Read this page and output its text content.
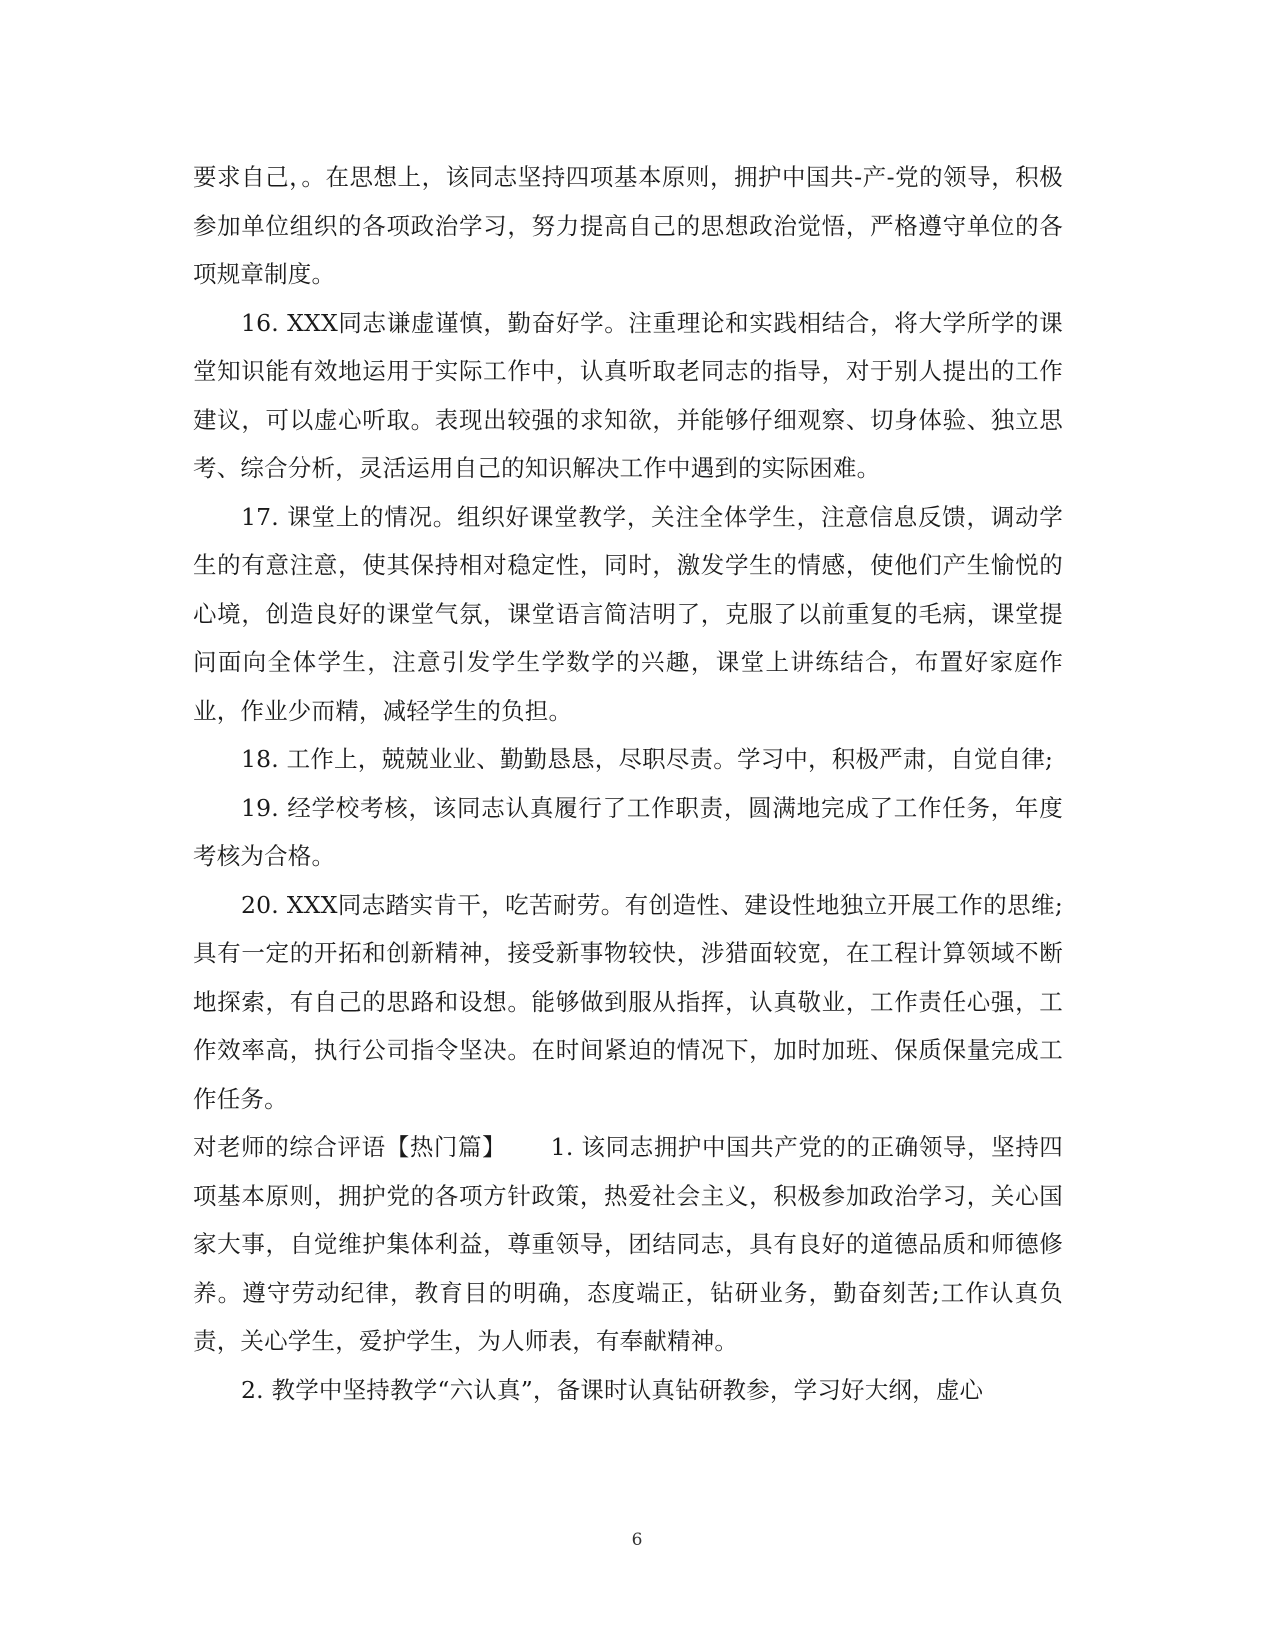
要求自己，。在思想上，该同志坚持四项基本原则，拥护中国共-产-党的领导，积极参加单位组织的各项政治学习，努力提高自己的思想政治觉悟，严格遵守单位的各项规章制度。

16. XXX同志谦虚谨慎，勤奋好学。注重理论和实践相结合，将大学所学的课堂知识能有效地运用于实际工作中，认真听取老同志的指导，对于别人提出的工作建议，可以虚心听取。表现出较强的求知欲，并能够仔细观察、切身体验、独立思考、综合分析，灵活运用自己的知识解决工作中遇到的实际困难。

17. 课堂上的情况。组织好课堂教学，关注全体学生，注意信息反馈，调动学生的有意注意，使其保持相对稳定性，同时，激发学生的情感，使他们产生愉悦的心境，创造良好的课堂气氛，课堂语言简洁明了，克服了以前重复的毛病，课堂提问面向全体学生，注意引发学生学数学的兴趣，课堂上讲练结合，布置好家庭作业，作业少而精，减轻学生的负担。

18. 工作上，兢兢业业、勤勤恳恳，尽职尽责。学习中，积极严肃，自觉自律;

19. 经学校考核，该同志认真履行了工作职责，圆满地完成了工作任务，年度考核为合格。

20. XXX同志踏实肯干，吃苦耐劳。有创造性、建设性地独立开展工作的思维;具有一定的开拓和创新精神，接受新事物较快，涉猎面较宽，在工程计算领域不断地探索，有自己的思路和设想。能够做到服从指挥，认真敬业，工作责任心强，工作效率高，执行公司指令坚决。在时间紧迫的情况下，加时加班、保质保量完成工作任务。

对老师的综合评语【热门篇】　　 1. 该同志拥护中国共产党的的正确领导，坚持四项基本原则，拥护党的各项方针政策，热爱社会主义，积极参加政治学习，关心国家大事，自觉维护集体利益，尊重领导，团结同志，具有良好的道德品质和师德修养。遵守劳动纪律，教育目的明确，态度端正，钻研业务，勤奋刻苦;工作认真负责，关心学生，爱护学生，为人师表，有奉献精神。

2. 教学中坚持教学“六认真”，备课时认真钻研教参，学习好大纲，虚心

6
